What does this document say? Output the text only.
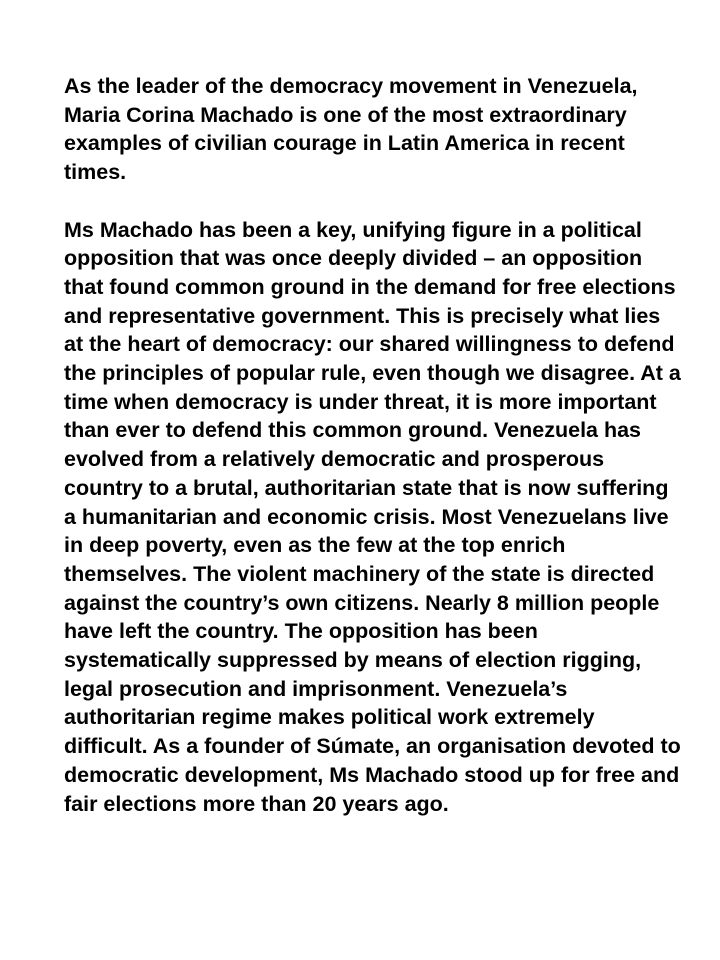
As the leader of the democracy movement in Venezuela, Maria Corina Machado is one of the most extraordinary examples of civilian courage in Latin America in recent times.

Ms Machado has been a key, unifying figure in a political opposition that was once deeply divided – an opposition that found common ground in the demand for free elections and representative government. This is precisely what lies at the heart of democracy: our shared willingness to defend the principles of popular rule, even though we disagree. At a time when democracy is under threat, it is more important than ever to defend this common ground. Venezuela has evolved from a relatively democratic and prosperous country to a brutal, authoritarian state that is now suffering a humanitarian and economic crisis. Most Venezuelans live in deep poverty, even as the few at the top enrich themselves. The violent machinery of the state is directed against the country’s own citizens. Nearly 8 million people have left the country. The opposition has been systematically suppressed by means of election rigging, legal prosecution and imprisonment. Venezuela’s authoritarian regime makes political work extremely difficult. As a founder of Súmate, an organisation devoted to democratic development, Ms Machado stood up for free and fair elections more than 20 years ago.
